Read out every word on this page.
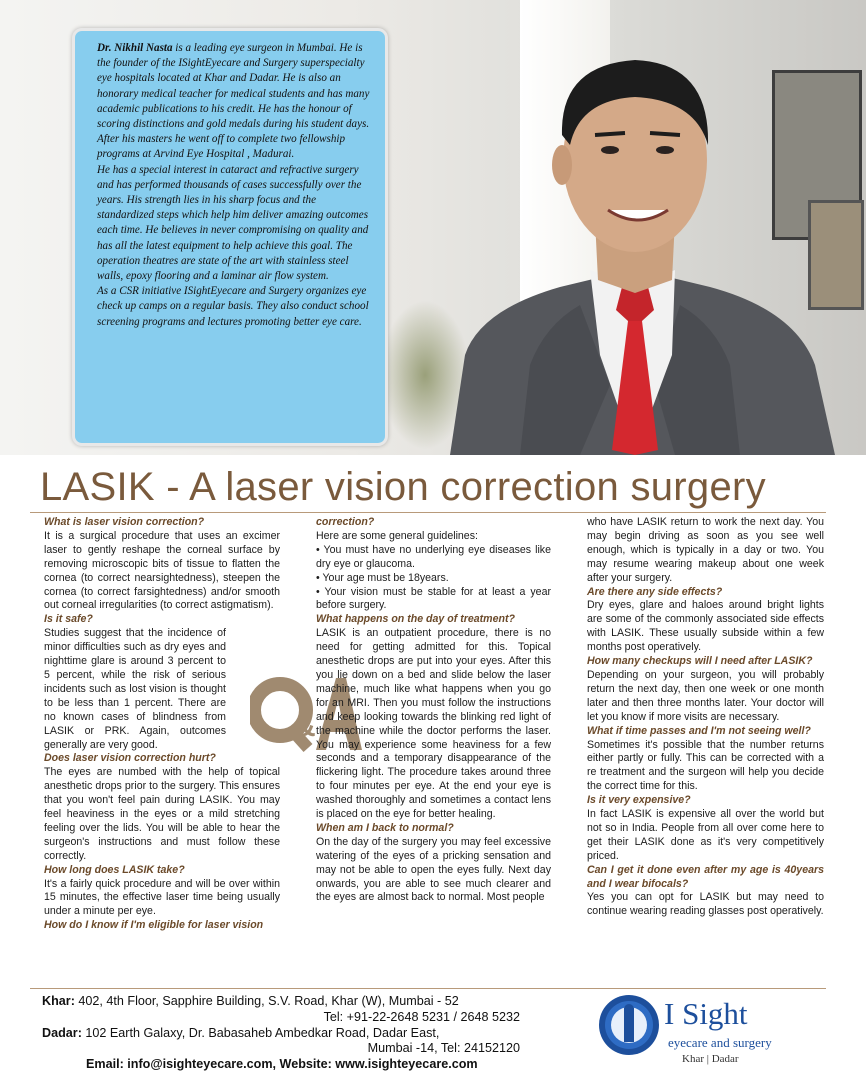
Dr. Nikhil Nasta is a leading eye surgeon in Mumbai. He is the founder of the ISightEyecare and Surgery superspecialty eye hospitals located at Khar and Dadar. He is also an honorary medical teacher for medical students and has many academic publications to his credit. He has the honour of scoring distinctions and gold medals during his student days. After his masters he went off to complete two fellowship programs at Arvind Eye Hospital , Madurai.

He has a special interest in cataract and refractive surgery and has performed thousands of cases successfully over the years. His strength lies in his sharp focus and the standardized steps which help him deliver amazing outcomes each time. He believes in never compromising on quality and has all the latest equipment to help achieve this goal. The operation theatres are state of the art with stainless steel walls, epoxy flooring and a laminar air flow system.

As a CSR initiative ISightEyecare and Surgery organizes eye check up camps on a regular basis. They also conduct school screening programs and lectures promoting better eye care.

LASIK - A laser vision correction surgery
What is laser vision correction?
It is a surgical procedure that uses an excimer laser to gently reshape the corneal surface by removing microscopic bits of tissue to flatten the cornea (to correct nearsightedness), steepen the cornea (to correct farsightedness) and/or smooth out corneal irregularities (to correct astigmatism).
Is it safe?
Studies suggest that the incidence of minor difficulties such as dry eyes and nighttime glare is around 3 percent to 5 percent, while the risk of serious incidents such as lost vision is thought to be less than 1 percent. There are no known cases of blindness from LASIK or PRK. Again, outcomes generally are very good.
Does laser vision correction hurt?
The eyes are numbed with the help of topical anesthetic drops prior to the surgery. This ensures that you won't feel pain during LASIK. You may feel heaviness in the eyes or a mild stretching feeling over the lids. You will be able to hear the surgeon's instructions and must follow these correctly.
How long does LASIK take?
It's a fairly quick procedure and will be over within 15 minutes, the effective laser time being usually under a minute per eye.
How do I know if I'm eligible for laser vision
&
correction?
Here are some general guidelines:
• You must have no underlying eye diseases like dry eye or glaucoma.
• Your age must be 18years.
• Your vision must be stable for at least a year before surgery.
What happens on the day of treatment?
LASIK is an outpatient procedure, there is no need for getting admitted for this. Topical anesthetic drops are put into your eyes. After this you lie down on a bed and slide below the laser machine, much like what happens when you go for an MRI. Then you must follow the instructions and keep looking towards the blinking red light of the machine while the doctor performs the laser. You may experience some heaviness for a few seconds and a temporary disappearance of the flickering light. The procedure takes around three to four minutes per eye. At the end your eye is washed thoroughly and sometimes a contact lens is placed on the eye for better healing.
When am I back to normal?
On the day of the surgery you may feel excessive watering of the eyes of a pricking sensation and may not be able to open the eyes fully. Next day onwards, you are able to see much clearer and the eyes are almost back to normal. Most people
who have LASIK return to work the next day. You may begin driving as soon as you see well enough, which is typically in a day or two. You may resume wearing makeup about one week after your surgery.
Are there any side effects?
Dry eyes, glare and haloes around bright lights are some of the commonly associated side effects with LASIK. These usually subside within a few months post operatively.
How many checkups will I need after LASIK?
Depending on your surgeon, you will probably return the next day, then one week or one month later and then three months later. Your doctor will let you know if more visits are necessary.
What if time passes and I'm not seeing well?
Sometimes it's possible that the number returns either partly or fully. This can be corrected with a re treatment and the surgeon will help you decide the correct time for this.
Is it very expensive?
In fact LASIK is expensive all over the world but not so in India. People from all over come here to get their LASIK done as it's very competitively priced.
Can I get it done even after my age is 40years and I wear bifocals?
Yes you can opt for LASIK but may need to continue wearing reading glasses post operatively.
Khar: 402, 4th Floor, Sapphire Building, S.V. Road, Khar (W), Mumbai - 52
Tel: +91-22-2648 5231 / 2648 5232
Dadar: 102 Earth Galaxy, Dr. Babasaheb Ambedkar Road, Dadar East,
Mumbai -14, Tel: 24152120
Email: info@isighteyecare.com, Website: www.isighteyecare.com
I Sight
eyecare and surgery
Khar | Dadar
